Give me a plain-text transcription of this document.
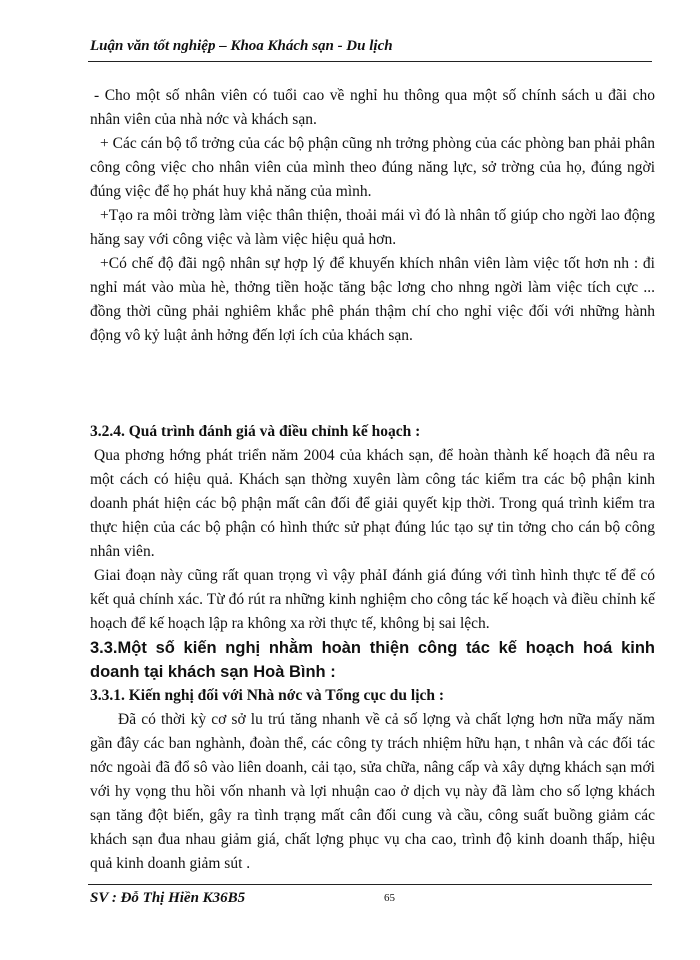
Luận văn tốt nghiệp – Khoa Khách sạn - Du lịch

- Cho một số nhân viên có tuổi cao về nghỉ hu thông qua một số chính sách u đãi cho nhân viên của nhà nớc và khách sạn.

+ Các cán bộ tổ trởng của các bộ phận cũng nh trởng phòng của các phòng ban phải phân công công việc cho nhân viên của mình theo đúng năng lực, sở trờng của họ, đúng ngời đúng việc để họ phát huy khả năng của mình.

+Tạo ra môi trờng làm việc thân thiện, thoải mái vì đó là nhân tố giúp cho ngời lao động hăng say với công việc và làm việc hiệu quả hơn.

+Có chế độ đãi ngộ nhân sự hợp lý để khuyến khích nhân viên làm việc tốt hơn nh : đi nghỉ mát vào mùa hè, thởng tiền hoặc tăng bậc lơng cho nhng ngời làm việc tích cực ... đồng thời cũng phải nghiêm khắc phê phán thậm chí cho nghỉ việc đối với những hành động vô kỷ luật ảnh hởng đến lợi ích của khách sạn.

3.2.4. Quá trình đánh giá và điều chỉnh kế hoạch :

Qua phơng hớng phát triển năm 2004 của khách sạn, để hoàn thành kế hoạch đã nêu ra một cách có hiệu quả. Khách sạn thờng xuyên làm công tác kiểm tra các bộ phận kinh doanh phát hiện các bộ phận mất cân đối để giải quyết kịp thời. Trong quá trình kiểm tra thực hiện của các bộ phận có hình thức sử phạt đúng lúc tạo sự tin tởng cho cán bộ công nhân viên.

Giai đoạn này cũng rất quan trọng vì vậy phảI đánh giá đúng với tình hình thực tế để có kết quả chính xác. Từ đó rút ra những kinh nghiệm cho công tác kế hoạch và điều chỉnh kế hoạch để kế hoạch lập ra không xa rời thực tế, không bị sai lệch.

3.3.Một số kiến nghị nhằm hoàn thiện công tác kế hoạch hoá kinh doanh tại khách sạn Hoà Bình :

3.3.1. Kiến nghị đối với Nhà nớc và Tổng cục du lịch :

Đã có thời kỳ cơ sở lu trú tăng nhanh về cả số lợng và chất lợng hơn nữa mấy năm gần đây các ban nghành, đoàn thể, các công ty trách nhiệm hữu hạn, t nhân và các đối tác nớc ngoài đã đổ sô vào liên doanh, cải tạo, sửa chữa, nâng cấp và xây dựng khách sạn mới với hy vọng thu hồi vốn nhanh và lợi nhuận cao ở dịch vụ này đã làm cho số lợng khách sạn tăng đột biến, gây ra tình trạng mất cân đối cung và cầu, công suất buồng giảm các khách sạn đua nhau giảm giá, chất lợng phục vụ cha cao, trình độ kinh doanh thấp, hiệu quả kinh doanh giảm sút .

SV : Đỗ Thị Hiền K36B5	65
